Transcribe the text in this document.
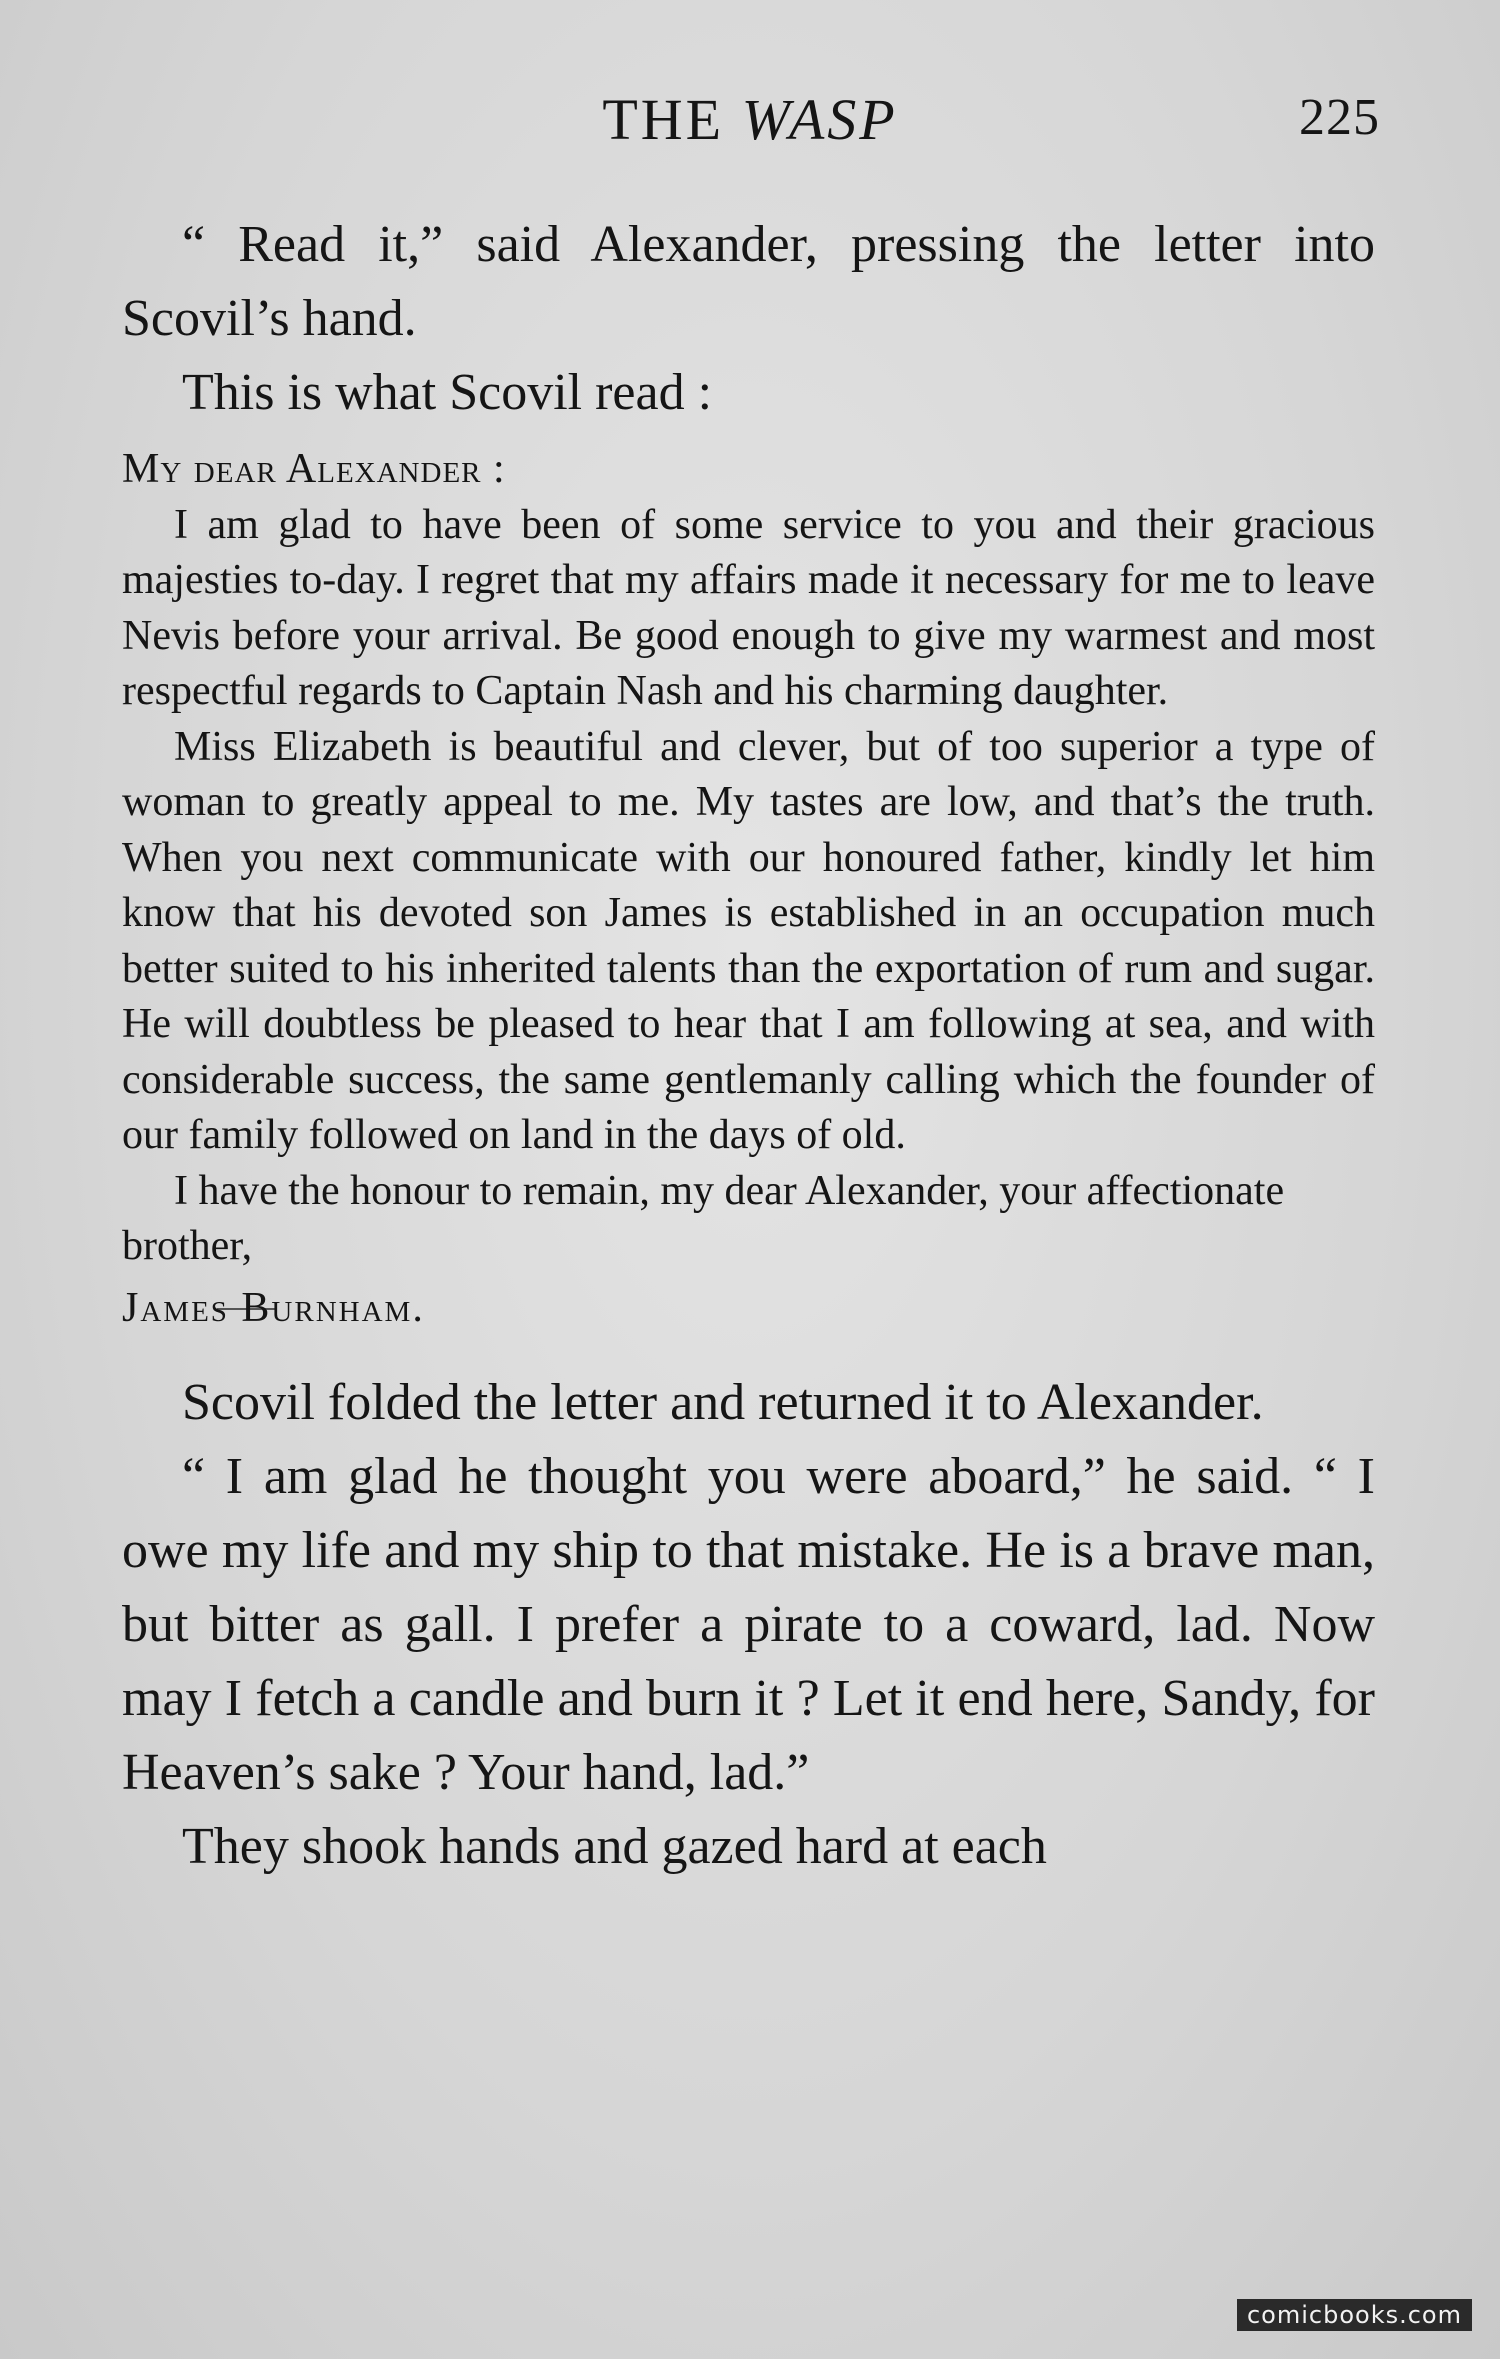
THE WASP	225

“ Read it,” said Alexander, pressing the letter into Scovil’s hand.

This is what Scovil read :

My dear Alexander :

I am glad to have been of some service to you and their gracious majesties to-day. I regret that my affairs made it necessary for me to leave Nevis before your arrival. Be good enough to give my warmest and most respectful regards to Captain Nash and his charming daughter.

Miss Elizabeth is beautiful and clever, but of too superior a type of woman to greatly appeal to me. My tastes are low, and that’s the truth. When you next communicate with our honoured father, kindly let him know that his devoted son James is established in an occupation much better suited to his inherited talents than the exportation of rum and sugar. He will doubtless be pleased to hear that I am following at sea, and with considerable success, the same gentlemanly calling which the founder of our family followed on land in the days of old.

I have the honour to remain, my dear Alexander, your affectionate brother,

James Burnham.

Scovil folded the letter and returned it to Alexander.

“ I am glad he thought you were aboard,” he said. “ I owe my life and my ship to that mistake. He is a brave man, but bitter as gall. I prefer a pirate to a coward, lad. Now may I fetch a candle and burn it ? Let it end here, Sandy, for Heaven’s sake ? Your hand, lad.”

They shook hands and gazed hard at each

comicbooks.com
